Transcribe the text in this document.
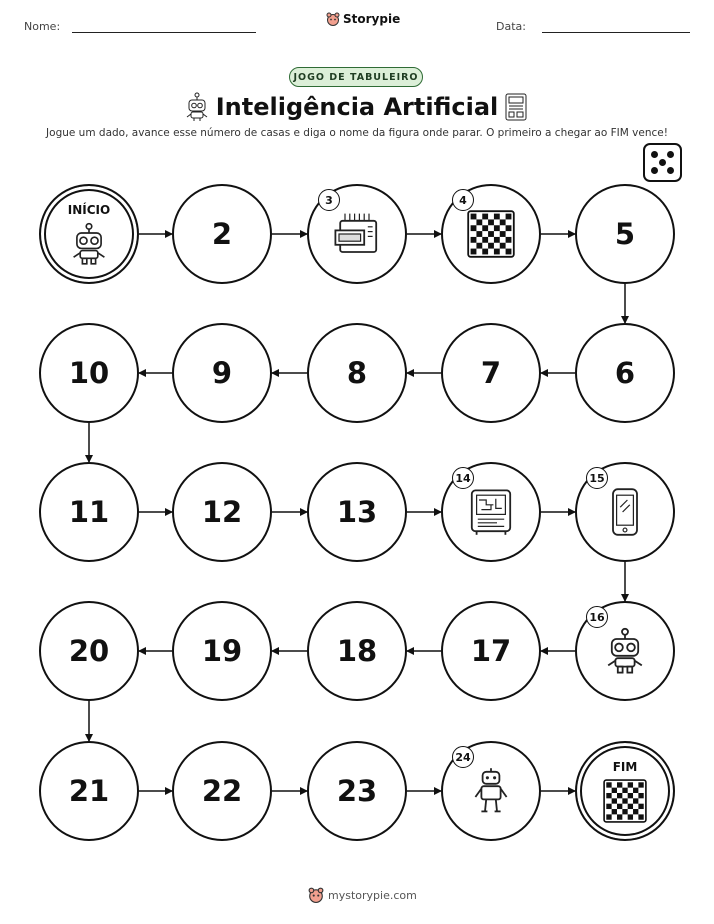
Nome:
Storypie
Data:
JOGO DE TABULEIRO
Inteligência Artificial
Jogue um dado, avance esse número de casas e diga o nome da figura onde parar. O primeiro a chegar ao FIM vence!
FIM
23
22
21
20	19	18	17
13
12
11
10	9	8	7	6
5
2
INÍCIO
3	4
14	15
16
24
mystorypie.com
